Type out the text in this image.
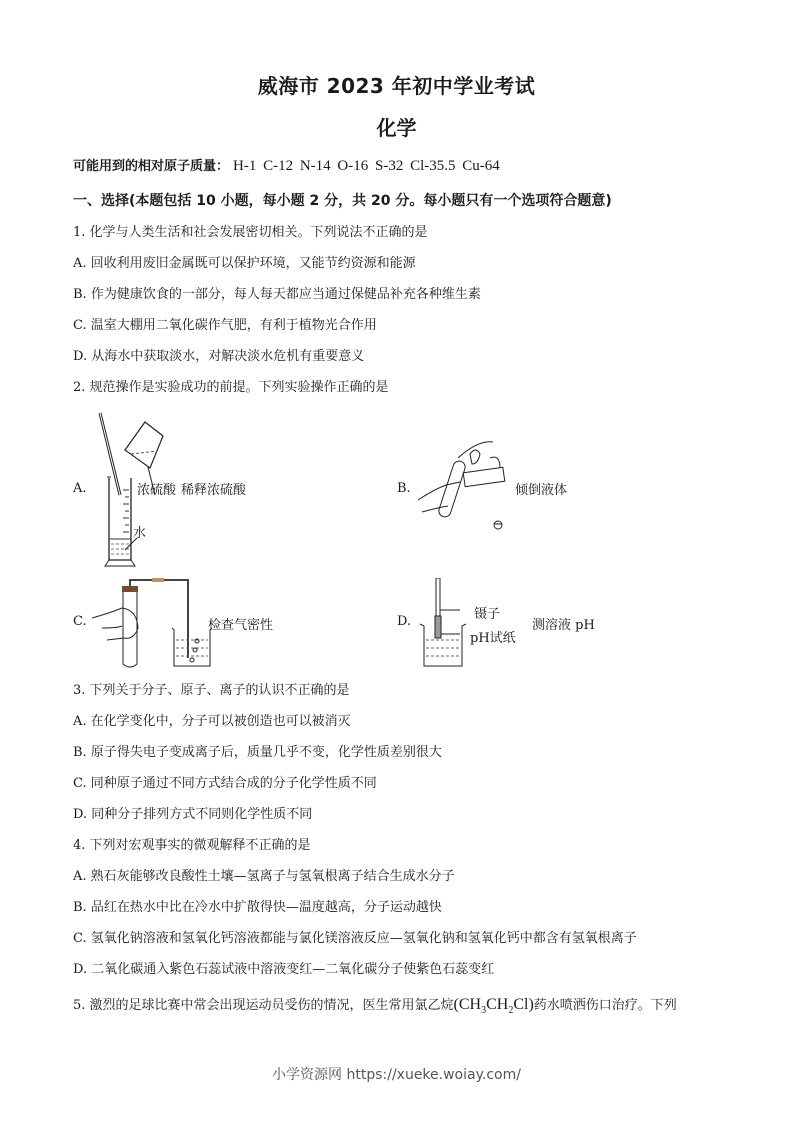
威海市 2023 年初中学业考试
化学
可能用到的相对原子质量： H-1 C-12 N-14 O-16 S-32 Cl-35.5 Cu-64
一、选择(本题包括 10 小题，每小题 2 分，共 20 分。每小题只有一个选项符合题意)
1. 化学与人类生活和社会发展密切相关。下列说法不正确的是
A. 回收利用废旧金属既可以保护环境，又能节约资源和能源
B. 作为健康饮食的一部分，每人每天都应当通过保健品补充各种维生素
C. 温室大棚用二氧化碳作气肥，有利于植物光合作用
D. 从海水中获取淡水，对解决淡水危机有重要意义
2. 规范操作是实验成功的前提。下列实验操作正确的是
A.	浓硫酸 稀释浓硫酸
水
B.	倾倒液体
C.	检查气密性	D.	镊子
pH试纸
测溶液 pH
3. 下列关于分子、原子、离子的认识不正确的是
A. 在化学变化中，分子可以被创造也可以被消灭
B. 原子得失电子变成离子后，质量几乎不变，化学性质差别很大
C. 同种原子通过不同方式结合成的分子化学性质不同
D. 同种分子排列方式不同则化学性质不同
4. 下列对宏观事实的微观解释不正确的是
A. 熟石灰能够改良酸性土壤—氢离子与氢氧根离子结合生成水分子
B. 品红在热水中比在冷水中扩散得快—温度越高，分子运动越快
C. 氢氧化钠溶液和氢氧化钙溶液都能与氯化镁溶液反应—氢氧化钠和氢氧化钙中都含有氢氧根离子
D. 二氧化碳通入紫色石蕊试液中溶液变红—二氧化碳分子使紫色石蕊变红
5. 激烈的足球比赛中常会出现运动员受伤的情况，医生常用氯乙烷$(CH_3CH_2Cl)$药水喷洒伤口治疗。下列
小学资源网 https://xueke.woiay.com/
